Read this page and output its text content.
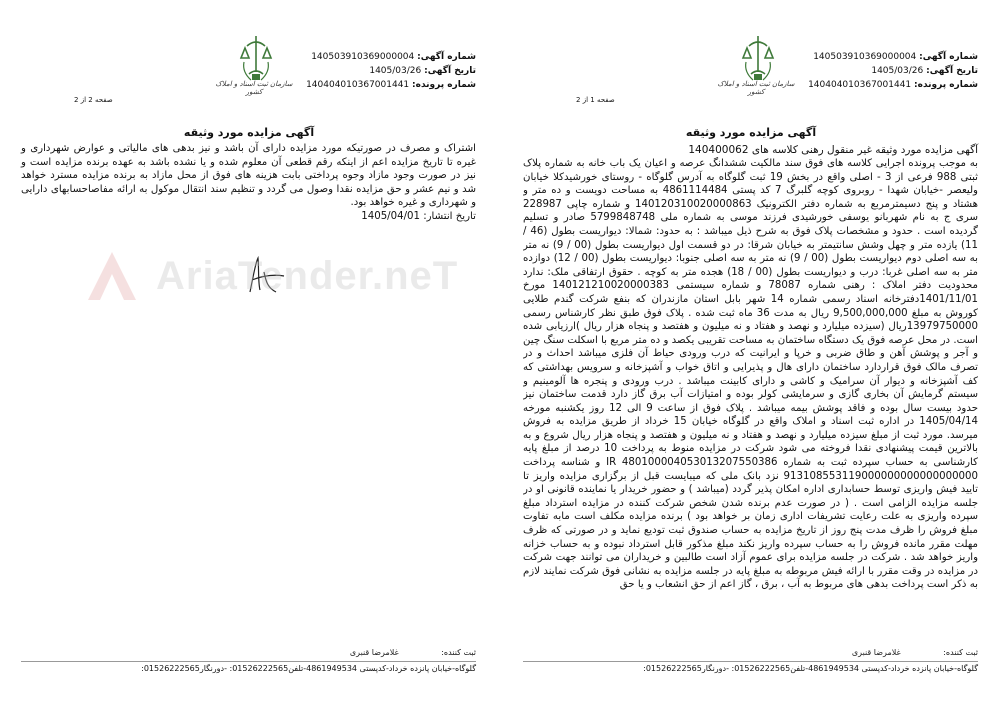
سازمان ثبت اسناد و املاک کشور
شماره آگهی: 140503910369000004
تاریخ آگهی: 1405/03/26
شماره پرونده: 140404010367001441
صفحه 2 از 2
آگهی مزایده مورد وثیقه
اشتراک و مصرف در صورتیکه مورد مزایده دارای آن باشد و نیز بدهی های مالیاتی و عوارض شهرداری و غیره تا تاریخ مزایده اعم از اینکه رقم قطعی آن معلوم شده و یا نشده باشد به عهده برنده مزایده است و نیز در صورت وجود مازاد وجوه پرداختی بابت هزینه های فوق از محل مازاد به برنده مزایده مسترد خواهد شد و نیم عشر و حق مزایده نقدا وصول می گردد و تنظیم سند انتقال موکول به ارائه مفاصاحسابهای دارایی و شهرداری و غیره خواهد بود.
تاریخ انتشار: 1405/04/01
ثبت کننده: غلامرضا قنبری
گلوگاه-خیابان پانزده خرداد-کدپستی 4861949534-تلفن01526222565: -دورنگار01526222565:
سازمان ثبت اسناد و املاک کشور
شماره آگهی: 140503910369000004
تاریخ آگهی: 1405/03/26
شماره پرونده: 140404010367001441
صفحه 1 از 2
آگهی مزایده مورد وثیقه
آگهی مزایده مورد وثیقه غیر منقول رهنی کلاسه های 140400062
به موجب پرونده اجرایی کلاسه های فوق سند مالکیت ششدانگ عرصه و اعیان یک باب خانه به شماره پلاک ثبتی 988 فرعی از 3 - اصلی واقع در بخش 19 ثبت گلوگاه به آدرس گلوگاه - روستای خورشیدکلا خیابان ولیعصر -خیابان شهدا - روبروی کوچه گلبرگ 7 کد پستی 4861114484 به مساحت دویست و ده متر و هشتاد و پنج دسیمترمربع به شماره دفتر الکترونیک 140120310020000863 و شماره چاپی 228987 سری ج به نام شهربانو یوسفی خورشیدی فرزند موسی به شماره ملی 5799848748 صادر و تسلیم گردیده است . حدود و مشخصات پلاک فوق به شرح ذیل میباشد : به حدود: شمالا: دیواریست بطول (46 / 11) یازده متر و چهل وشش سانتیمتر به خیابان شرقا: در دو قسمت اول دیواریست بطول (00 / 9) نه متر به سه اصلی دوم دیواریست بطول (00 / 9) نه متر به سه اصلی جنوبا: دیواریست بطول (00 / 12) دوازده متر به سه اصلی غربا: درب و دیواریست بطول (00 / 18) هجده متر به کوچه . حقوق ارتفاقی ملک: ندارد محدودیت دفتر املاک : رهنی شماره 78087 و شماره سیستمی 140121210020000383 مورخ 1401/11/01دفترخانه اسناد رسمی شماره 14 شهر بابل استان مازندران که بنفع شرکت گندم طلایی کوروش به مبلغ 9,500,000,000 ریال به مدت 36 ماه ثبت شده . پلاک فوق طبق نظر کارشناس رسمی 13979750000ریال (سیزده میلیارد و نهصد و هفتاد و نه میلیون و هفتصد و پنجاه هزار ریال )ارزیابی شده است. در محل عرصه فوق یک دستگاه ساختمان به مساحت تقریبی یکصد و ده متر مربع با اسکلت سنگ چین و آجر و پوشش آهن و طاق ضربی و خرپا و ایرانیت که درب ورودی حیاط آن فلزی میباشد احداث و در تصرف مالک فوق قراردارد ساختمان دارای هال و پذیرایی و اتاق خواب و آشپزخانه و سرویس بهداشتی که کف آشپزخانه و دیوار آن سرامیک و کاشی و دارای کابینت میباشد . درب ورودی و پنجره ها آلومینیم و سیستم گرمایش آن بخاری گازی و سرمایشی کولر بوده و امتیازات آب برق گاز دارد قدمت ساختمان نیز حدود بیست سال بوده و فاقد پوشش بیمه میباشد . پلاک فوق از ساعت 9 الی 12 روز یکشنبه مورخه 1405/04/14 در اداره ثبت اسناد و املاک واقع در گلوگاه خیابان 15 خرداد از طریق مزایده به فروش میرسد. مورد ثبت از مبلغ سیزده میلیارد و نهصد و هفتاد و نه میلیون و هفتصد و پنجاه هزار ریال شروع و به بالاترین قیمت پیشنهادی نقدا فروخته می شود شرکت در مزایده منوط به پرداخت 10 درصد از مبلغ پایه کارشناسی به حساب سپرده ثبت به شماره IR 480100004053013207550386 و شناسه پرداخت 913108553119000000000000000000 نزد بانک ملی که میبایست قبل از برگزاری مزایده واریز تا تایید فیش واریزی توسط حسابداری اداره امکان پذیر گردد (میباشد ) و حضور خریدار یا نماینده قانونی او در جلسه مزایده الزامی است . ( در صورت عدم برنده شدن شخص شرکت کننده در مزایده استرداد مبلغ سپرده واریزی به علت رعایت تشریفات اداری زمان بر خواهد بود ) برنده مزایده مکلف است مابه تفاوت مبلغ فروش را ظرف مدت پنج روز از تاریخ مزایده به حساب صندوق ثبت تودیع نماید و در صورتی که ظرف مهلت مقرر مانده فروش را به حساب سپرده واریز نکند مبلغ مذکور قابل استرداد نبوده و به حساب خزانه واریز خواهد شد . شرکت در جلسه مزایده برای عموم آزاد است طالبین و خریداران می توانند جهت شرکت در مزایده در وقت مقرر با ارائه فیش مربوطه به مبلغ پایه در جلسه مزایده به نشانی فوق شرکت نمایند لازم به ذکر است پرداخت بدهی های مربوط به آب ، برق ، گاز اعم از حق انشعاب و یا حق
ثبت کننده: غلامرضا قنبری
گلوگاه-خیابان پانزده خرداد-کدپستی 4861949534-تلفن01526222565: -دورنگار01526222565:
AriaTender.neT
